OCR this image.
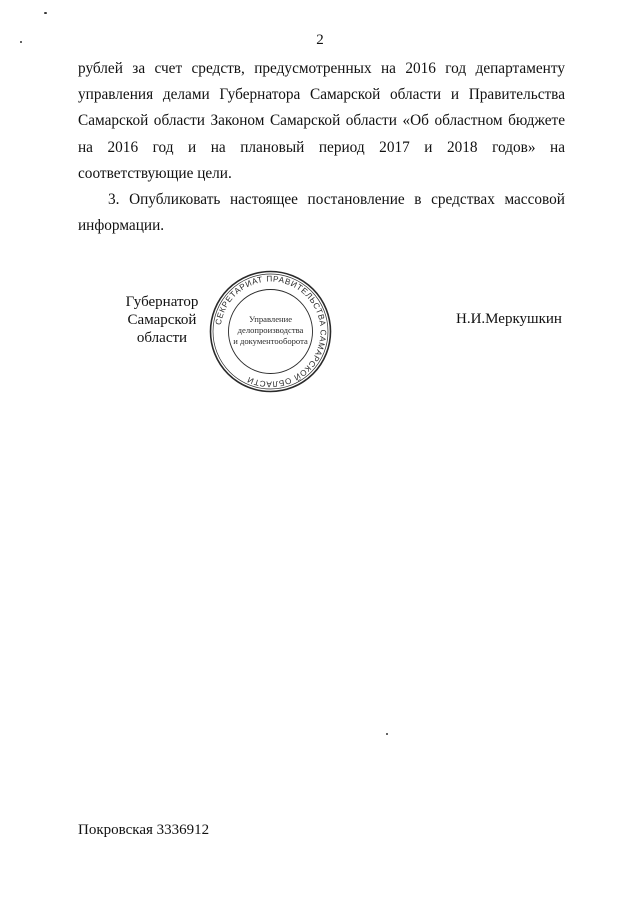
2

рублей за счет средств, предусмотренных на 2016 год департаменту управления делами Губернатора Самарской области и Правительства Самарской области Законом Самарской области «Об областном бюджете на 2016 год и на плановый период 2017 и 2018 годов» на соответствующие цели.

3. Опубликовать настоящее постановление в средствах массовой информации.

Губернатор
Самарской области
СЕКРЕТАРИАТ ПРАВИТЕЛЬСТВА САМАРСКОЙ ОБЛАСТИ
Управление
делопроизводства
и документооборота
Н.И.Меркушкин
Покровская 3336912
